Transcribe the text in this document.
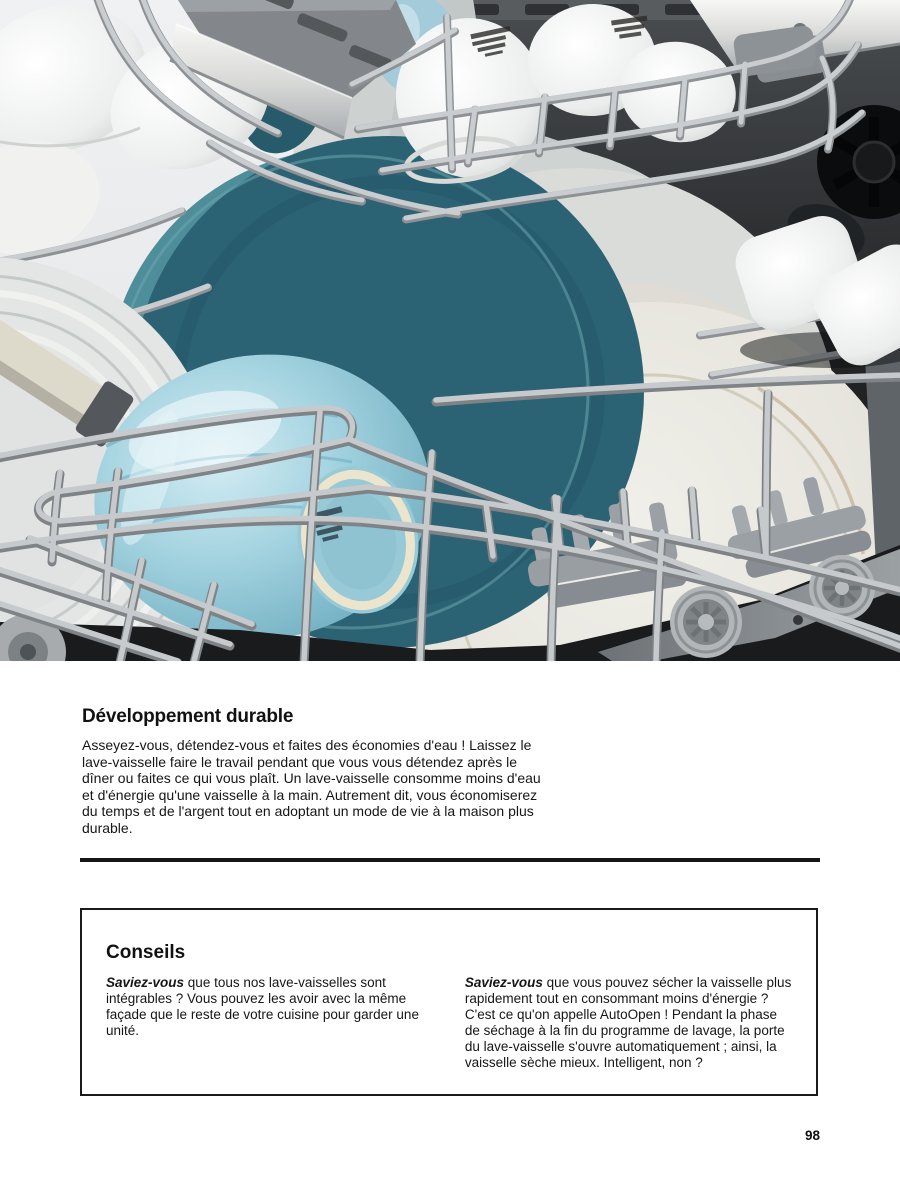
Développement durable

Asseyez-vous, détendez-vous et faites des économies d'eau ! Laissez le lave-vaisselle faire le travail pendant que vous vous détendez après le dîner ou faites ce qui vous plaît. Un lave-vaisselle consomme moins d'eau et d'énergie qu'une vaisselle à la main. Autrement dit, vous économiserez du temps et de l'argent tout en adoptant un mode de vie à la maison plus durable.

Conseils

Saviez-vous que tous nos lave-vaisselles sont intégrables ? Vous pouvez les avoir avec la même façade que le reste de votre cuisine pour garder une unité.

Saviez-vous que vous pouvez sécher la vaisselle plus rapidement tout en consommant moins d'énergie ? C'est ce qu'on appelle AutoOpen ! Pendant la phase de séchage à la fin du programme de lavage, la porte du lave-vaisselle s'ouvre automatiquement ; ainsi, la vaisselle sèche mieux. Intelligent, non ?

98
